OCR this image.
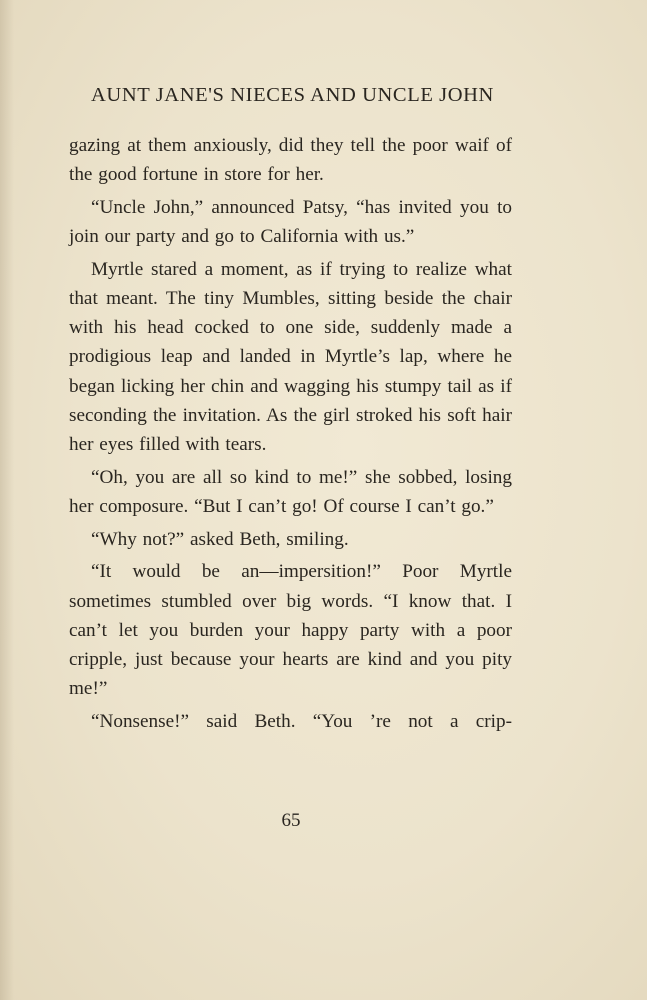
AUNT JANE'S NIECES AND UNCLE JOHN

gazing at them anxiously, did they tell the poor waif of the good fortune in store for her.

“Uncle John,” announced Patsy, “has invited you to join our party and go to California with us.”

Myrtle stared a moment, as if trying to realize what that meant. The tiny Mumbles, sitting beside the chair with his head cocked to one side, suddenly made a prodigious leap and landed in Myrtle’s lap, where he began licking her chin and wagging his stumpy tail as if seconding the invitation. As the girl stroked his soft hair her eyes filled with tears.

“Oh, you are all so kind to me!” she sobbed, losing her composure. “But I can’t go! Of course I can’t go.”

“Why not?” asked Beth, smiling.

“It would be an—impersition!” Poor Myrtle sometimes stumbled over big words. “I know that. I can’t let you burden your happy party with a poor cripple, just because your hearts are kind and you pity me!”

“Nonsense!” said Beth. “You ’re not a crip-

65
